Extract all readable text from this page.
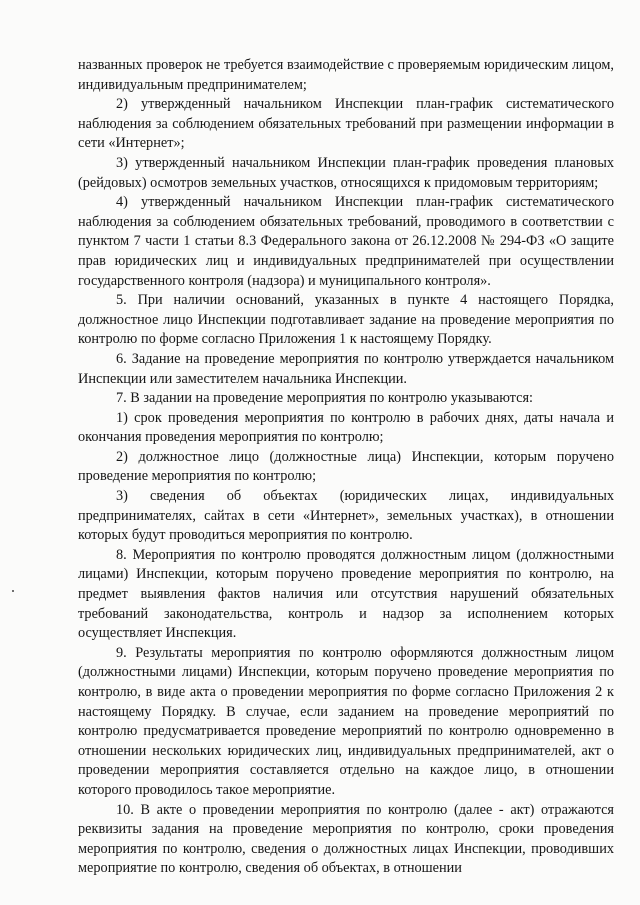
названных проверок не требуется взаимодействие с проверяемым юридическим лицом, индивидуальным предпринимателем;

2) утвержденный начальником Инспекции план-график систематического наблюдения за соблюдением обязательных требований при размещении информации в сети «Интернет»;

3) утвержденный начальником Инспекции план-график проведения плановых (рейдовых) осмотров земельных участков, относящихся к придомовым территориям;

4) утвержденный начальником Инспекции план-график систематического наблюдения за соблюдением обязательных требований, проводимого в соответствии с пунктом 7 части 1 статьи 8.3 Федерального закона от 26.12.2008 № 294-ФЗ «О защите прав юридических лиц и индивидуальных предпринимателей при осуществлении государственного контроля (надзора) и муниципального контроля».

5. При наличии оснований, указанных в пункте 4 настоящего Порядка, должностное лицо Инспекции подготавливает задание на проведение мероприятия по контролю по форме согласно Приложения 1 к настоящему Порядку.

6. Задание на проведение мероприятия по контролю утверждается начальником Инспекции или заместителем начальника Инспекции.

7. В задании на проведение мероприятия по контролю указываются:

1) срок проведения мероприятия по контролю в рабочих днях, даты начала и окончания проведения мероприятия по контролю;

2) должностное лицо (должностные лица) Инспекции, которым поручено проведение мероприятия по контролю;

3) сведения об объектах (юридических лицах, индивидуальных предпринимателях, сайтах в сети «Интернет», земельных участках), в отношении которых будут проводиться мероприятия по контролю.

8. Мероприятия по контролю проводятся должностным лицом (должностными лицами) Инспекции, которым поручено проведение мероприятия по контролю, на предмет выявления фактов наличия или отсутствия нарушений обязательных требований законодательства, контроль и надзор за исполнением которых осуществляет Инспекция.

9. Результаты мероприятия по контролю оформляются должностным лицом (должностными лицами) Инспекции, которым поручено проведение мероприятия по контролю, в виде акта о проведении мероприятия по форме согласно Приложения 2 к настоящему Порядку. В случае, если заданием на проведение мероприятий по контролю предусматривается проведение мероприятий по контролю одновременно в отношении нескольких юридических лиц, индивидуальных предпринимателей, акт о проведении мероприятия составляется отдельно на каждое лицо, в отношении которого проводилось такое мероприятие.

10. В акте о проведении мероприятия по контролю (далее - акт) отражаются реквизиты задания на проведение мероприятия по контролю, сроки проведения мероприятия по контролю, сведения о должностных лицах Инспекции, проводивших мероприятие по контролю, сведения об объектах, в отношении
